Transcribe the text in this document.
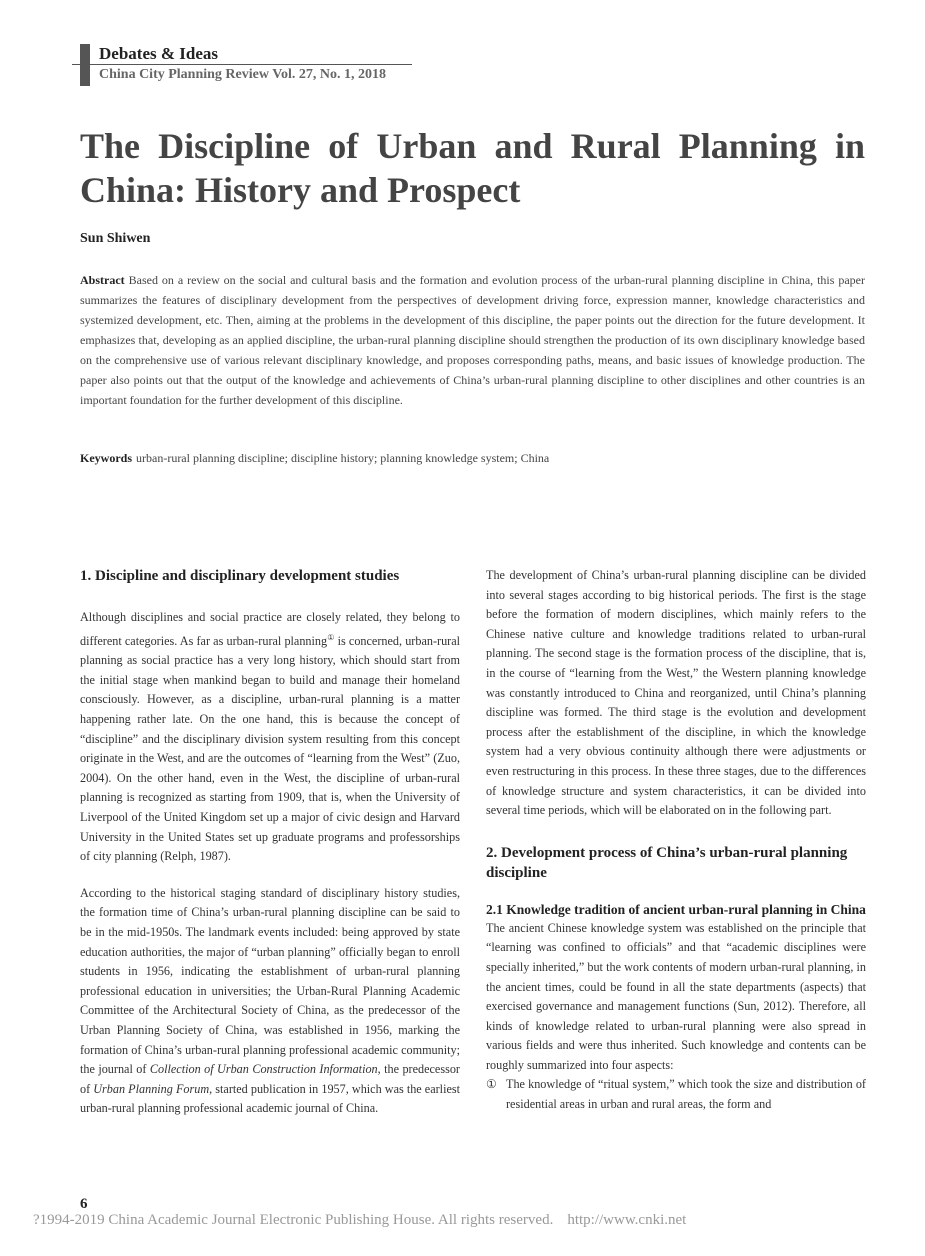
Debates & Ideas
China City Planning Review Vol. 27, No. 1, 2018
The Discipline of Urban and Rural Planning in China: History and Prospect
Sun Shiwen

Abstract Based on a review on the social and cultural basis and the formation and evolution process of the urban-rural planning discipline in China, this paper summarizes the features of disciplinary development from the perspectives of development driving force, expression manner, knowledge characteristics and systemized development, etc. Then, aiming at the problems in the development of this discipline, the paper points out the direction for the future development. It emphasizes that, developing as an applied discipline, the urban-rural planning discipline should strengthen the production of its own disciplinary knowledge based on the comprehensive use of various relevant disciplinary knowledge, and proposes corresponding paths, means, and basic issues of knowledge production. The paper also points out that the output of the knowledge and achievements of China’s urban-rural planning discipline to other disciplines and other countries is an important foundation for the further development of this discipline.

Keywords urban-rural planning discipline; discipline history; planning knowledge system; China
1. Discipline and disciplinary development studies

Although disciplines and social practice are closely related, they belong to different categories. As far as urban-rural planning① is concerned, urban-rural planning as social practice has a very long history, which should start from the initial stage when mankind began to build and manage their homeland consciously. However, as a discipline, urban-rural planning is a matter happening rather late. On the one hand, this is because the concept of “discipline” and the disciplinary division system resulting from this concept originate in the West, and are the outcomes of “learning from the West” (Zuo, 2004). On the other hand, even in the West, the discipline of urban-rural planning is recognized as starting from 1909, that is, when the University of Liverpool of the United Kingdom set up a major of civic design and Harvard University in the United States set up graduate programs and professorships of city planning (Relph, 1987).

According to the historical staging standard of disciplinary history studies, the formation time of China’s urban-rural planning discipline can be said to be in the mid-1950s. The landmark events included: being approved by state education authorities, the major of “urban planning” officially began to enroll students in 1956, indicating the establishment of urban-rural planning professional education in universities; the Urban-Rural Planning Academic Committee of the Architectural Society of China, as the predecessor of the Urban Planning Society of China, was established in 1956, marking the formation of China’s urban-rural planning professional academic community; the journal of Collection of Urban Construction Information, the predecessor of Urban Planning Forum, started publication in 1957, which was the earliest urban-rural planning professional academic journal of China.

The development of China’s urban-rural planning discipline can be divided into several stages according to big historical periods. The first is the stage before the formation of modern disciplines, which mainly refers to the Chinese native culture and knowledge traditions related to urban-rural planning. The second stage is the formation process of the discipline, that is, in the course of “learning from the West,” the Western planning knowledge was constantly introduced to China and reorganized, until China’s planning discipline was formed. The third stage is the evolution and development process after the establishment of the discipline, in which the knowledge system had a very obvious continuity although there were adjustments or even restructuring in this process. In these three stages, due to the differences of knowledge structure and system characteristics, it can be divided into several time periods, which will be elaborated on in the following part.

2. Development process of China’s urban-rural planning discipline
2.1 Knowledge tradition of ancient urban-rural planning in China

The ancient Chinese knowledge system was established on the principle that “learning was confined to officials” and that “academic disciplines were specially inherited,” but the work contents of modern urban-rural planning, in the ancient times, could be found in all the state departments (aspects) that exercised governance and management functions (Sun, 2012). Therefore, all kinds of knowledge related to urban-rural planning were also spread in various fields and were thus inherited. Such knowledge and contents can be roughly summarized into four aspects:

① The knowledge of “ritual system,” which took the size and distribution of residential areas in urban and rural areas, the form and

6
?1994-2019 China Academic Journal Electronic Publishing House. All rights reserved. http://www.cnki.net
